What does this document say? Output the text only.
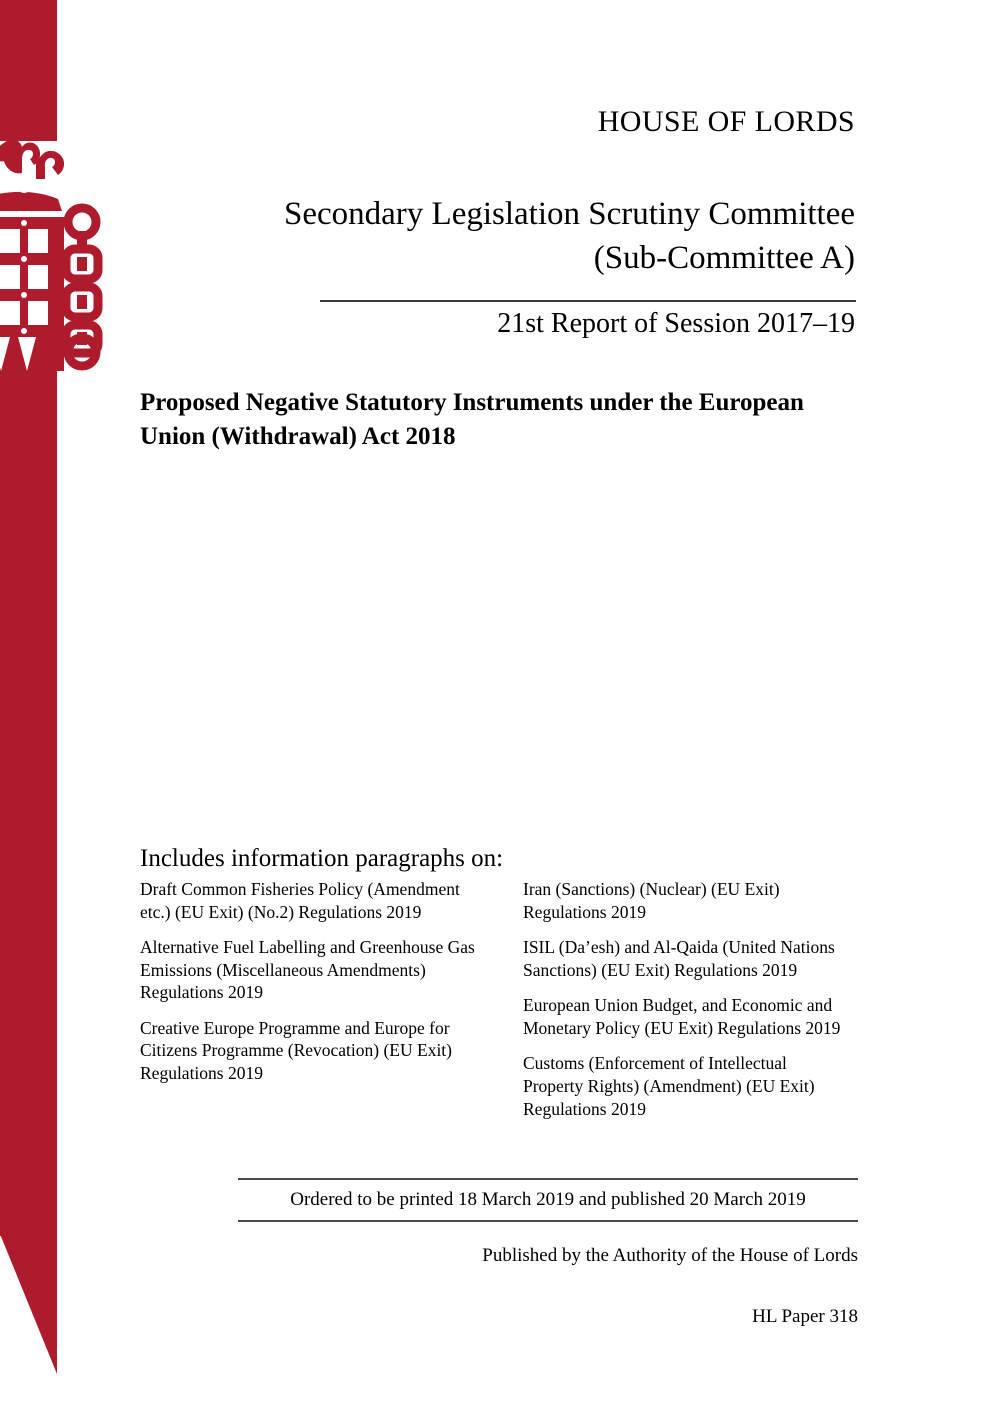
HOUSE OF LORDS
Secondary Legislation Scrutiny Committee
(Sub-Committee A)
21st Report of Session 2017–19
Proposed Negative Statutory Instruments under the European Union (Withdrawal) Act 2018
Includes information paragraphs on:

Draft Common Fisheries Policy (Amendment etc.) (EU Exit) (No.2) Regulations 2019

Alternative Fuel Labelling and Greenhouse Gas Emissions (Miscellaneous Amendments) Regulations 2019

Creative Europe Programme and Europe for Citizens Programme (Revocation) (EU Exit) Regulations 2019

Iran (Sanctions) (Nuclear) (EU Exit) Regulations 2019

ISIL (Da’esh) and Al-Qaida (United Nations Sanctions) (EU Exit) Regulations 2019

European Union Budget, and Economic and Monetary Policy (EU Exit) Regulations 2019

Customs (Enforcement of Intellectual Property Rights) (Amendment) (EU Exit) Regulations 2019

Ordered to be printed 18 March 2019 and published 20 March 2019
Published by the Authority of the House of Lords
HL Paper 318
